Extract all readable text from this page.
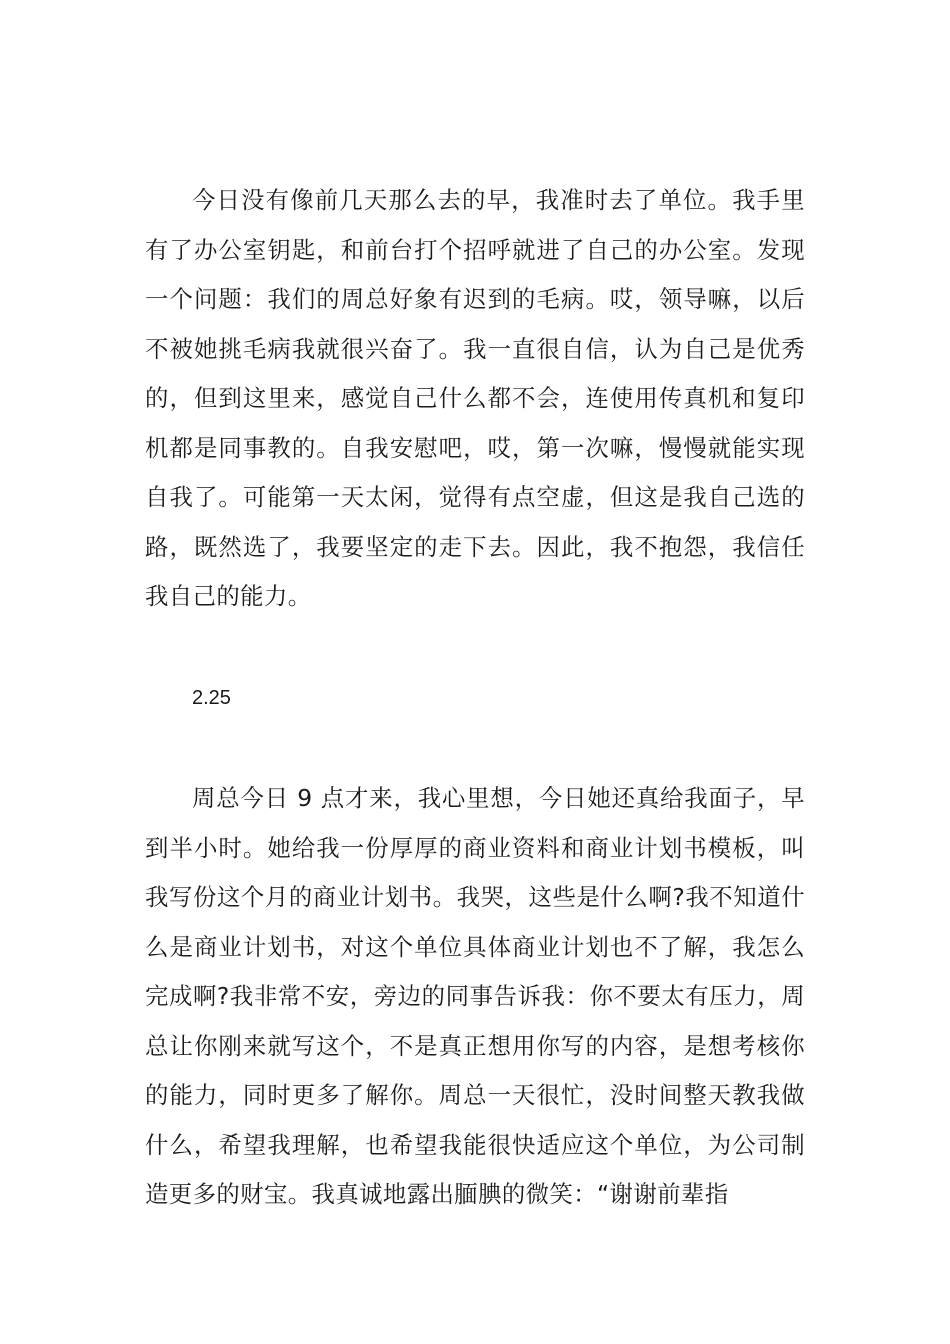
今日没有像前几天那么去的早，我准时去了单位。我手里有了办公室钥匙，和前台打个招呼就进了自己的办公室。发现一个问题：我们的周总好象有迟到的毛病。哎，领导嘛，以后不被她挑毛病我就很兴奋了。我一直很自信，认为自己是优秀的，但到这里来，感觉自己什么都不会，连使用传真机和复印机都是同事教的。自我安慰吧，哎，第一次嘛，慢慢就能实现自我了。可能第一天太闲，觉得有点空虚，但这是我自己选的路，既然选了，我要坚定的走下去。因此，我不抱怨，我信任我自己的能力。

2.25

周总今日 9 点才来，我心里想，今日她还真给我面子，早到半小时。她给我一份厚厚的商业资料和商业计划书模板，叫我写份这个月的商业计划书。我哭，这些是什么啊?我不知道什么是商业计划书，对这个单位具体商业计划也不了解，我怎么完成啊?我非常不安，旁边的同事告诉我：你不要太有压力，周总让你刚来就写这个，不是真正想用你写的内容，是想考核你的能力，同时更多了解你。周总一天很忙，没时间整天教我做什么，希望我理解，也希望我能很快适应这个单位，为公司制造更多的财宝。我真诚地露出腼腆的微笑：“谢谢前辈指
